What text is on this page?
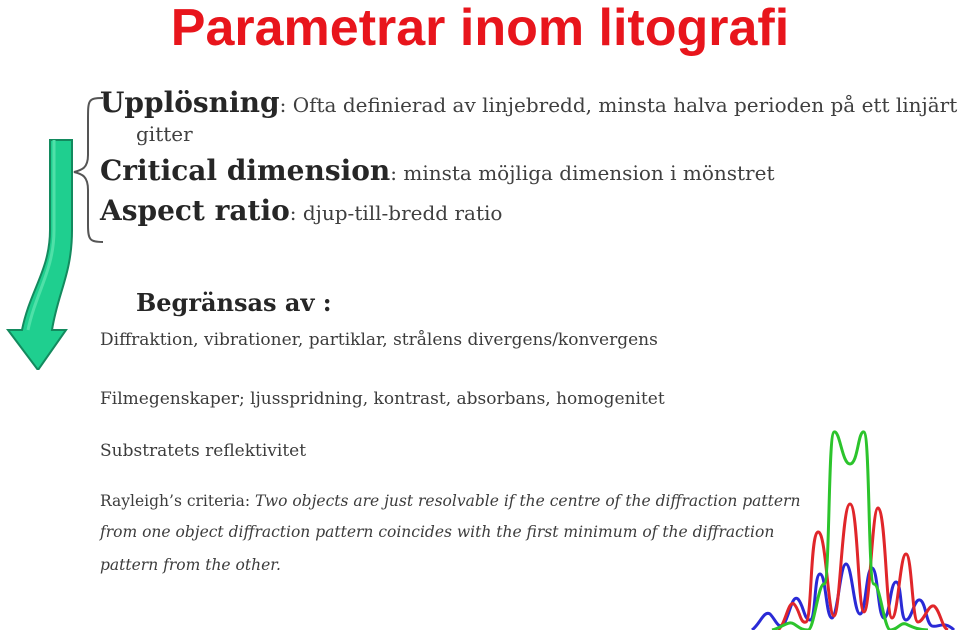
Parametrar inom litografi
Upplösning: Ofta definierad av linjebredd, minsta halva perioden på ett linjärt
gitter
Critical dimension: minsta möjliga dimension i mönstret
Aspect ratio: djup-till-bredd ratio
Begränsas av :
Diffraktion, vibrationer, partiklar, strålens divergens/konvergens
Filmegenskaper; ljusspridning, kontrast, absorbans, homogenitet
Substratets reflektivitet
Rayleigh’s criteria: Two objects are just resolvable if the centre of the diffraction pattern
from one object diffraction pattern coincides with the first minimum of the diffraction
pattern from the other.
